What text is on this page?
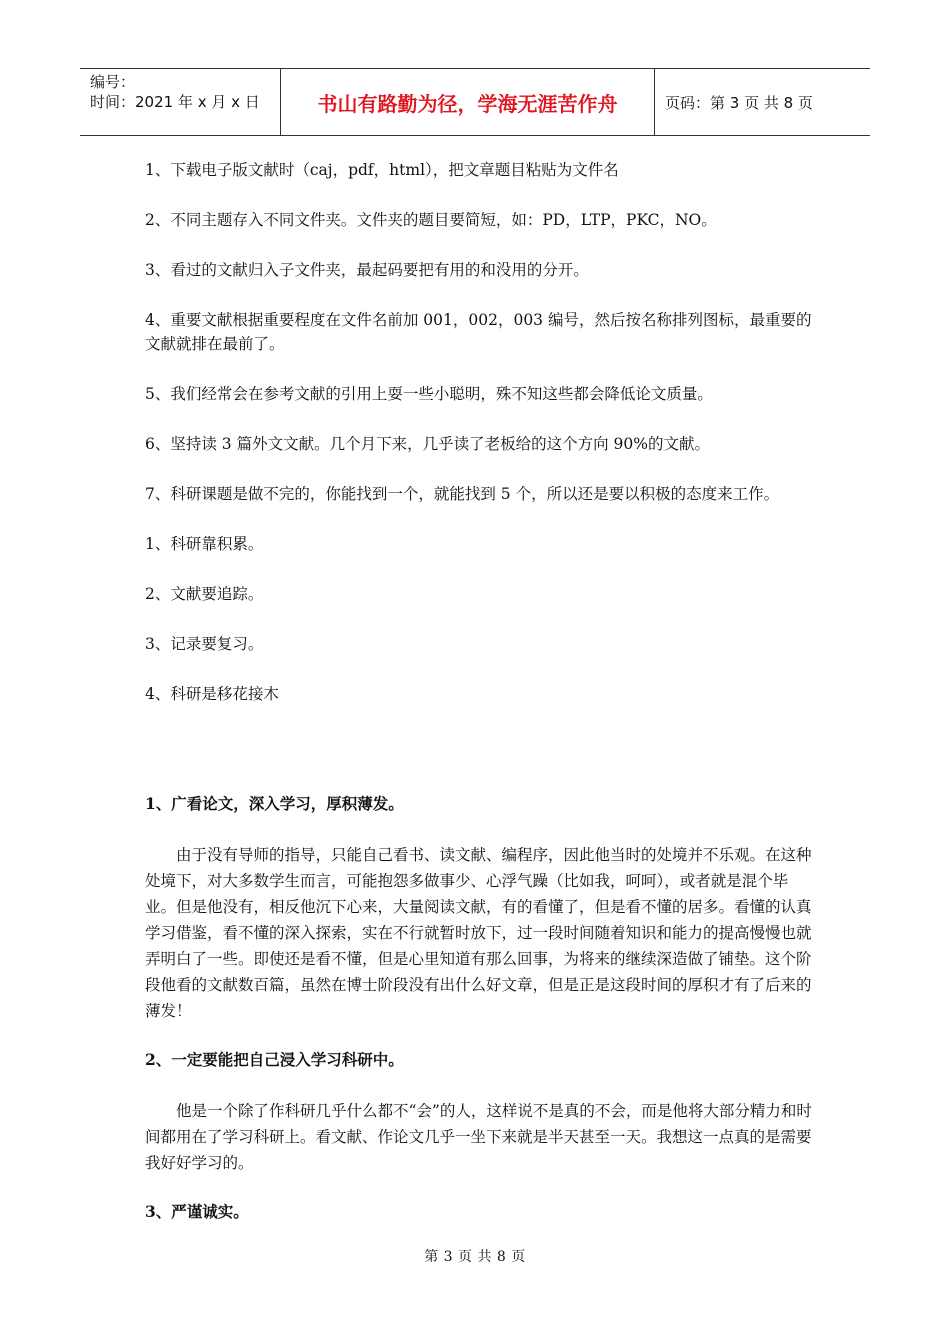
编号：
时间：2021 年 x 月 x 日	书山有路勤为径，学海无涯苦作舟	页码：第 3 页 共 8 页

1、下载电子版文献时（caj，pdf，html），把文章题目粘贴为文件名

2、不同主题存入不同文件夹。文件夹的题目要简短，如：PD，LTP，PKC，NO。

3、看过的文献归入子文件夹，最起码要把有用的和没用的分开。

4、重要文献根据重要程度在文件名前加 001，002，003 编号，然后按名称排列图标，最重要的文献就排在最前了。

5、我们经常会在参考文献的引用上耍一些小聪明，殊不知这些都会降低论文质量。

6、坚持读 3 篇外文文献。几个月下来，几乎读了老板给的这个方向 90%的文献。

7、科研课题是做不完的，你能找到一个，就能找到 5 个，所以还是要以积极的态度来工作。

1、科研靠积累。

2、文献要追踪。

3、记录要复习。

4、科研是移花接木

1、广看论文，深入学习，厚积薄发。

由于没有导师的指导，只能自己看书、读文献、编程序，因此他当时的处境并不乐观。在这种处境下，对大多数学生而言，可能抱怨多做事少、心浮气躁（比如我，呵呵），或者就是混个毕业。但是他没有，相反他沉下心来，大量阅读文献，有的看懂了，但是看不懂的居多。看懂的认真学习借鉴，看不懂的深入探索，实在不行就暂时放下，过一段时间随着知识和能力的提高慢慢也就弄明白了一些。即使还是看不懂，但是心里知道有那么回事，为将来的继续深造做了铺垫。这个阶段他看的文献数百篇，虽然在博士阶段没有出什么好文章，但是正是这段时间的厚积才有了后来的薄发！

2、一定要能把自己浸入学习科研中。

他是一个除了作科研几乎什么都不“会”的人，这样说不是真的不会，而是他将大部分精力和时间都用在了学习科研上。看文献、作论文几乎一坐下来就是半天甚至一天。我想这一点真的是需要我好好学习的。

3、严谨诚实。

第 3 页 共 8 页
